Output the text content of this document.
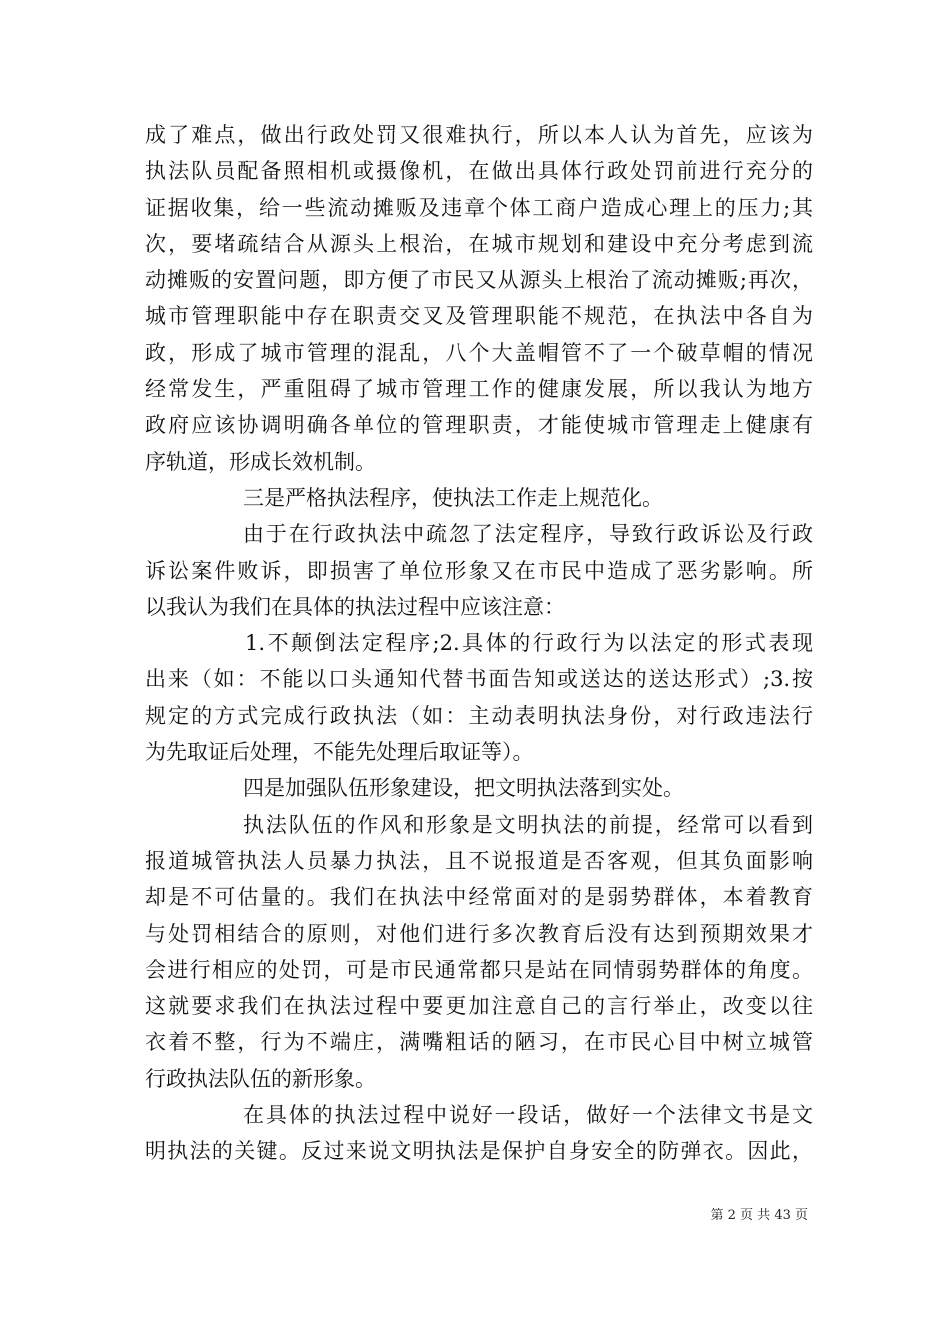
成了难点，做出行政处罚又很难执行，所以本人认为首先，应该为
执法队员配备照相机或摄像机，在做出具体行政处罚前进行充分的
证据收集，给一些流动摊贩及违章个体工商户造成心理上的压力;其
次，要堵疏结合从源头上根治，在城市规划和建设中充分考虑到流
动摊贩的安置问题，即方便了市民又从源头上根治了流动摊贩;再次，
城市管理职能中存在职责交叉及管理职能不规范，在执法中各自为
政，形成了城市管理的混乱，八个大盖帽管不了一个破草帽的情况
经常发生，严重阻碍了城市管理工作的健康发展，所以我认为地方
政府应该协调明确各单位的管理职责，才能使城市管理走上健康有
序轨道，形成长效机制。
三是严格执法程序，使执法工作走上规范化。
由于在行政执法中疏忽了法定程序，导致行政诉讼及行政
诉讼案件败诉，即损害了单位形象又在市民中造成了恶劣影响。所
以我认为我们在具体的执法过程中应该注意：
1.不颠倒法定程序;2.具体的行政行为以法定的形式表现
出来（如：不能以口头通知代替书面告知或送达的送达形式）;3.按
规定的方式完成行政执法（如：主动表明执法身份，对行政违法行
为先取证后处理，不能先处理后取证等）。
四是加强队伍形象建设，把文明执法落到实处。
执法队伍的作风和形象是文明执法的前提，经常可以看到
报道城管执法人员暴力执法，且不说报道是否客观，但其负面影响
却是不可估量的。我们在执法中经常面对的是弱势群体，本着教育
与处罚相结合的原则，对他们进行多次教育后没有达到预期效果才
会进行相应的处罚，可是市民通常都只是站在同情弱势群体的角度。
这就要求我们在执法过程中要更加注意自己的言行举止，改变以往
衣着不整，行为不端庄，满嘴粗话的陋习，在市民心目中树立城管
行政执法队伍的新形象。
在具体的执法过程中说好一段话，做好一个法律文书是文
明执法的关键。反过来说文明执法是保护自身安全的防弹衣。因此，
第 2 页 共 43 页
